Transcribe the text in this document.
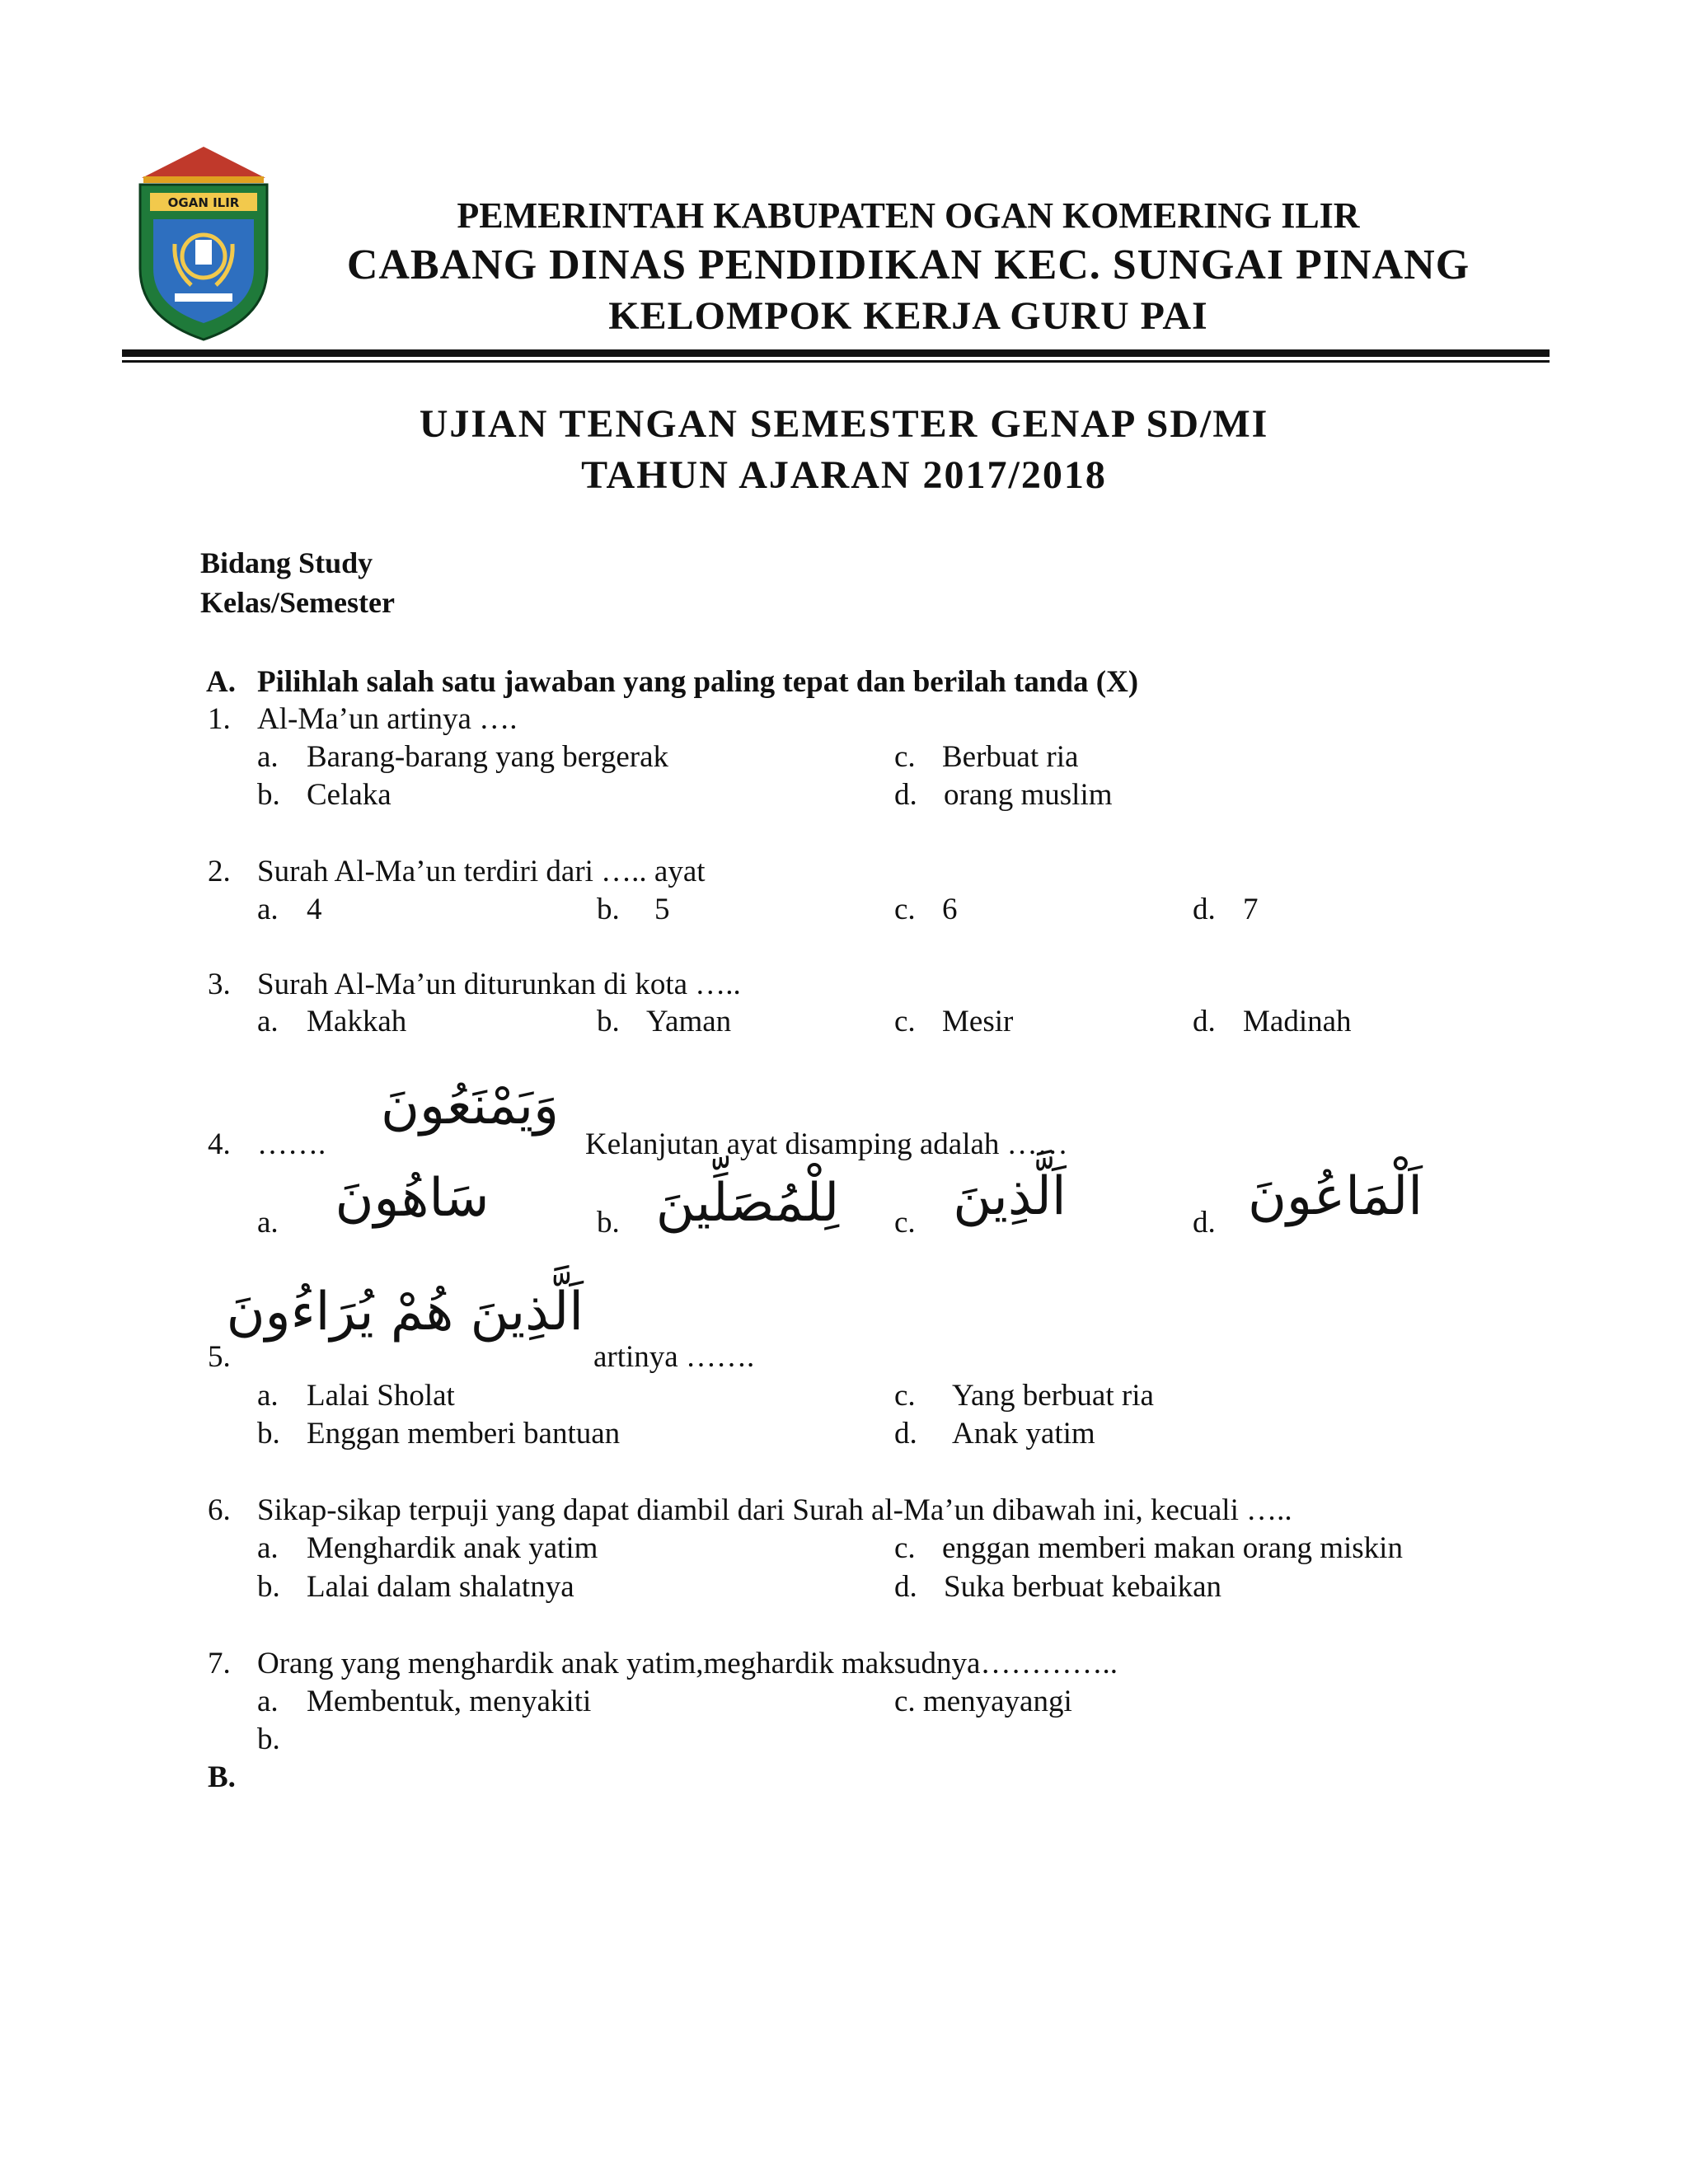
OGAN ILIR	PEMERINTAH KABUPATEN OGAN KOMERING ILIR
CABANG DINAS PENDIDIKAN KEC. SUNGAI PINANG
KELOMPOK KERJA GURU PAI
UJIAN TENGAN SEMESTER GENAP SD/MI
TAHUN AJARAN 2017/2018
Bidang Study
Kelas/Semester
A. Pilihlah salah satu jawaban yang paling tepat dan berilah tanda (X)
1. Al-Ma’un artinya ….
a. Barang-barang yang bergerak	c. Berbuat ria
b. Celaka	d. orang muslim
2. Surah Al-Ma’un terdiri dari ….. ayat
a. 4	b. 5	c. 6	d. 7
3. Surah Al-Ma’un diturunkan di kota …..
a. Makkah	b. Yaman	c. Mesir	d. Madinah
4. …….
وَيَمْنَعُونَ
Kelanjutan ayat disamping adalah ……
a. سَاهُونَ	b. لِلْمُصَلِّينَ c. اَلَّذِينَ	d. اَلْمَاعُونَ
5.
اَلَّذِينَ هُمْ يُرَاءُونَ
artinya …….
a. Lalai Sholat	c. Yang berbuat ria
b. Enggan memberi bantuan	d. Anak yatim
6. Sikap-sikap terpuji yang dapat diambil dari Surah al-Ma’un dibawah ini, kecuali …..
a. Menghardik anak yatim	c. enggan memberi makan orang miskin
b. Lalai dalam shalatnya	d. Suka berbuat kebaikan
7. Orang yang menghardik anak yatim,meghardik maksudnya…………..
a. Membentuk, menyakiti	c. menyayangi
b.
B.
